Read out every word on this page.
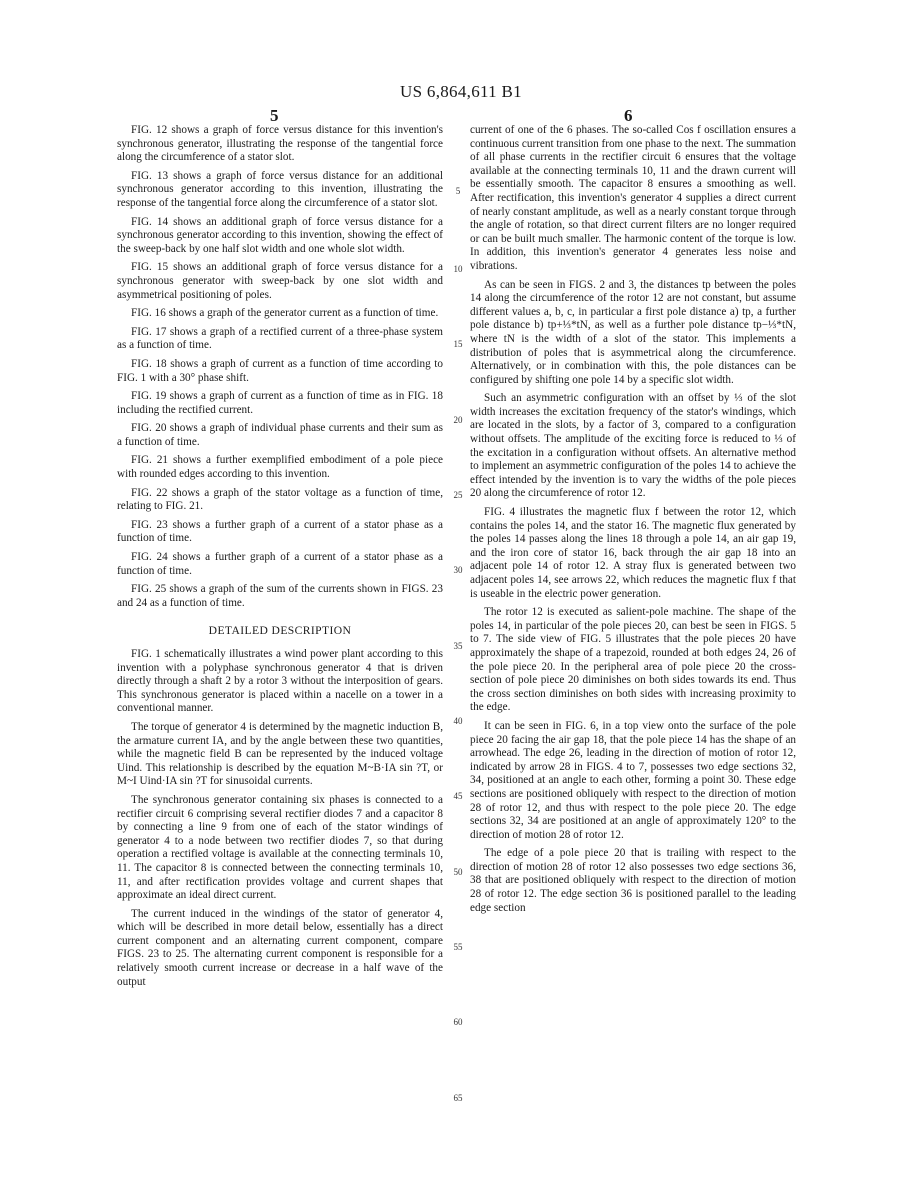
US 6,864,611 B1
5	6

FIG. 12 shows a graph of force versus distance for this invention's synchronous generator, illustrating the response of the tangential force along the circumference of a stator slot.

FIG. 13 shows a graph of force versus distance for an additional synchronous generator according to this invention, illustrating the response of the tangential force along the circumference of a stator slot.

FIG. 14 shows an additional graph of force versus distance for a synchronous generator according to this invention, showing the effect of the sweep-back by one half slot width and one whole slot width.

FIG. 15 shows an additional graph of force versus distance for a synchronous generator with sweep-back by one slot width and asymmetrical positioning of poles.

FIG. 16 shows a graph of the generator current as a function of time.

FIG. 17 shows a graph of a rectified current of a three-phase system as a function of time.

FIG. 18 shows a graph of current as a function of time according to FIG. 1 with a 30° phase shift.

FIG. 19 shows a graph of current as a function of time as in FIG. 18 including the rectified current.

FIG. 20 shows a graph of individual phase currents and their sum as a function of time.

FIG. 21 shows a further exemplified embodiment of a pole piece with rounded edges according to this invention.

FIG. 22 shows a graph of the stator voltage as a function of time, relating to FIG. 21.

FIG. 23 shows a further graph of a current of a stator phase as a function of time.

FIG. 24 shows a further graph of a current of a stator phase as a function of time.

FIG. 25 shows a graph of the sum of the currents shown in FIGS. 23 and 24 as a function of time.

DETAILED DESCRIPTION

FIG. 1 schematically illustrates a wind power plant according to this invention with a polyphase synchronous generator 4 that is driven directly through a shaft 2 by a rotor 3 without the interposition of gears. This synchronous generator is placed within a nacelle on a tower in a conventional manner.

The torque of generator 4 is determined by the magnetic induction B, the armature current IA, and by the angle between these two quantities, while the magnetic field B can be represented by the induced voltage Uind. This relationship is described by the equation M~B·IA sin ?T, or M~I Uind·IA sin ?T for sinusoidal currents.

The synchronous generator containing six phases is connected to a rectifier circuit 6 comprising several rectifier diodes 7 and a capacitor 8 by connecting a line 9 from one of each of the stator windings of generator 4 to a node between two rectifier diodes 7, so that during operation a rectified voltage is available at the connecting terminals 10, 11. The capacitor 8 is connected between the connecting terminals 10, 11, and after rectification provides voltage and current shapes that approximate an ideal direct current.

The current induced in the windings of the stator of generator 4, which will be described in more detail below, essentially has a direct current component and an alternating current component, compare FIGS. 23 to 25. The alternating current component is responsible for a relatively smooth current increase or decrease in a half wave of the output

current of one of the 6 phases. The so-called Cos f oscillation ensures a continuous current transition from one phase to the next. The summation of all phase currents in the rectifier circuit 6 ensures that the voltage available at the connecting terminals 10, 11 and the drawn current will be essentially smooth. The capacitor 8 ensures a smoothing as well. After rectification, this invention's generator 4 supplies a direct current of nearly constant amplitude, as well as a nearly constant torque through the angle of rotation, so that direct current filters are no longer required or can be built much smaller. The harmonic content of the torque is low. In addition, this invention's generator 4 generates less noise and vibrations.

As can be seen in FIGS. 2 and 3, the distances tp between the poles 14 along the circumference of the rotor 12 are not constant, but assume different values a, b, c, in particular a first pole distance a) tp, a further pole distance b) tp+⅓*tN, as well as a further pole distance tp−⅓*tN, where tN is the width of a slot of the stator. This implements a distribution of poles that is asymmetrical along the circumference. Alternatively, or in combination with this, the pole distances can be configured by shifting one pole 14 by a specific slot width.

Such an asymmetric configuration with an offset by ⅓ of the slot width increases the excitation frequency of the stator's windings, which are located in the slots, by a factor of 3, compared to a configuration without offsets. The amplitude of the exciting force is reduced to ⅓ of the excitation in a configuration without offsets. An alternative method to implement an asymmetric configuration of the poles 14 to achieve the effect intended by the invention is to vary the widths of the pole pieces 20 along the circumference of rotor 12.

FIG. 4 illustrates the magnetic flux f between the rotor 12, which contains the poles 14, and the stator 16. The magnetic flux generated by the poles 14 passes along the lines 18 through a pole 14, an air gap 19, and the iron core of stator 16, back through the air gap 18 into an adjacent pole 14 of rotor 12. A stray flux is generated between two adjacent poles 14, see arrows 22, which reduces the magnetic flux f that is useable in the electric power generation.

The rotor 12 is executed as salient-pole machine. The shape of the poles 14, in particular of the pole pieces 20, can best be seen in FIGS. 5 to 7. The side view of FIG. 5 illustrates that the pole pieces 20 have approximately the shape of a trapezoid, rounded at both edges 24, 26 of the pole piece 20. In the peripheral area of pole piece 20 the cross-section of pole piece 20 diminishes on both sides towards its end. Thus the cross section diminishes on both sides with increasing proximity to the edge.

It can be seen in FIG. 6, in a top view onto the surface of the pole piece 20 facing the air gap 18, that the pole piece 14 has the shape of an arrowhead. The edge 26, leading in the direction of motion of rotor 12, indicated by arrow 28 in FIGS. 4 to 7, possesses two edge sections 32, 34, positioned at an angle to each other, forming a point 30. These edge sections are positioned obliquely with respect to the direction of motion 28 of rotor 12, and thus with respect to the pole piece 20. The edge sections 32, 34 are positioned at an angle of approximately 120° to the direction of motion 28 of rotor 12.

The edge of a pole piece 20 that is trailing with respect to the direction of motion 28 of rotor 12 also possesses two edge sections 36, 38 that are positioned obliquely with respect to the direction of motion 28 of rotor 12. The edge section 36 is positioned parallel to the leading edge section

5
10
15
20
25
30
35
40
45
50
55
60
65
